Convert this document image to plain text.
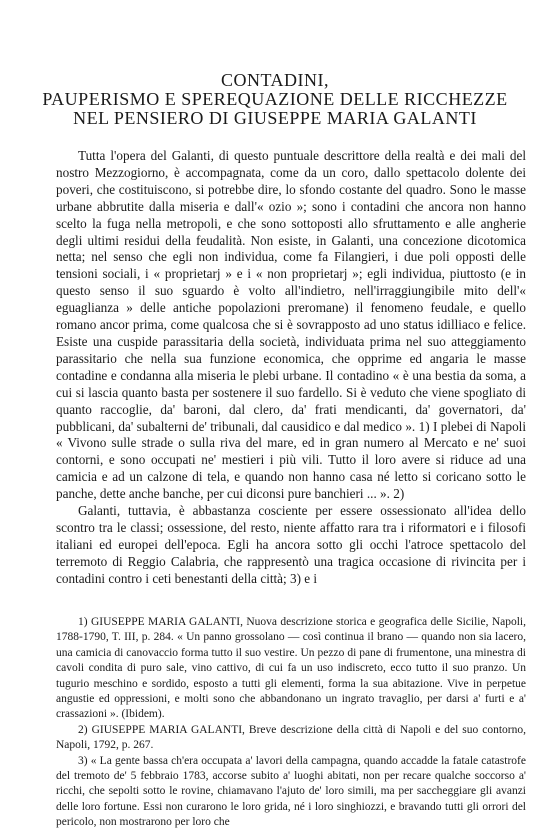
CONTADINI,
PAUPERISMO E SPEREQUAZIONE DELLE RICCHEZZE
NEL PENSIERO DI GIUSEPPE MARIA GALANTI

Tutta l'opera del Galanti, di questo puntuale descrittore della realtà e dei mali del nostro Mezzogiorno, è accompagnata, come da un coro, dallo spettacolo dolente dei poveri, che costituiscono, si potrebbe dire, lo sfondo costante del quadro. Sono le masse urbane abbrutite dalla miseria e dall'« ozio »; sono i contadini che ancora non hanno scelto la fuga nella metropoli, e che sono sottoposti allo sfruttamento e alle angherie degli ultimi residui della feudalità. Non esiste, in Galanti, una concezione dicotomica netta; nel senso che egli non individua, come fa Filangieri, i due poli opposti delle tensioni sociali, i « proprietarj » e i « non proprietarj »; egli individua, piuttosto (e in questo senso il suo sguardo è volto all'indietro, nell'irraggiungibile mito dell'« eguaglianza » delle antiche popolazioni preromane) il fenomeno feudale, e quello romano ancor prima, come qualcosa che si è sovrapposto ad uno status idilliaco e felice. Esiste una cuspide parassitaria della società, individuata prima nel suo atteggiamento parassitario che nella sua funzione economica, che opprime ed angaria le masse contadine e condanna alla miseria le plebi urbane. Il contadino « è una bestia da soma, a cui si lascia quanto basta per sostenere il suo fardello. Si è veduto che viene spogliato di quanto raccoglie, da' baroni, dal clero, da' frati mendicanti, da' governatori, da' pubblicani, da' subalterni de' tribunali, dal causidico e dal medico ». 1) I plebei di Napoli « Vivono sulle strade o sulla riva del mare, ed in gran numero al Mercato e ne' suoi contorni, e sono occupati ne' mestieri i più vili. Tutto il loro avere si riduce ad una camicia e ad un calzone di tela, e quando non hanno casa né letto si coricano sotto le panche, dette anche banche, per cui diconsi pure banchieri ... ». 2)

Galanti, tuttavia, è abbastanza cosciente per essere ossessionato all'idea dello scontro tra le classi; ossessione, del resto, niente affatto rara tra i riformatori e i filosofi italiani ed europei dell'epoca. Egli ha ancora sotto gli occhi l'atroce spettacolo del terremoto di Reggio Calabria, che rappresentò una tragica occasione di rivincita per i contadini contro i ceti benestanti della città; 3) e i

1) GIUSEPPE MARIA GALANTI, Nuova descrizione storica e geografica delle Sicilie, Napoli, 1788-1790, T. III, p. 284. « Un panno grossolano — così continua il brano — quando non sia lacero, una camicia di canovaccio forma tutto il suo vestire. Un pezzo di pane di frumentone, una minestra di cavoli condita di puro sale, vino cattivo, di cui fa un uso indiscreto, ecco tutto il suo pranzo. Un tugurio meschino e sordido, esposto a tutti gli elementi, forma la sua abitazione. Vive in perpetue angustie ed oppressioni, e molti sono che abbandonano un ingrato travaglio, per darsi a' furti e a' crassazioni ». (Ibidem).

2) GIUSEPPE MARIA GALANTI, Breve descrizione della città di Napoli e del suo contorno, Napoli, 1792, p. 267.

3) « La gente bassa ch'era occupata a' lavori della campagna, quando accadde la fatale catastrofe del tremoto de' 5 febbraio 1783, accorse subito a' luoghi abitati, non per recare qualche soccorso a' ricchi, che sepolti sotto le rovine, chiamavano l'ajuto de' loro simili, ma per saccheggiare gli avanzi delle loro fortune. Essi non curarono le loro grida, né i loro singhiozzi, e bravando tutti gli orrori del pericolo, non mostrarono per loro che
